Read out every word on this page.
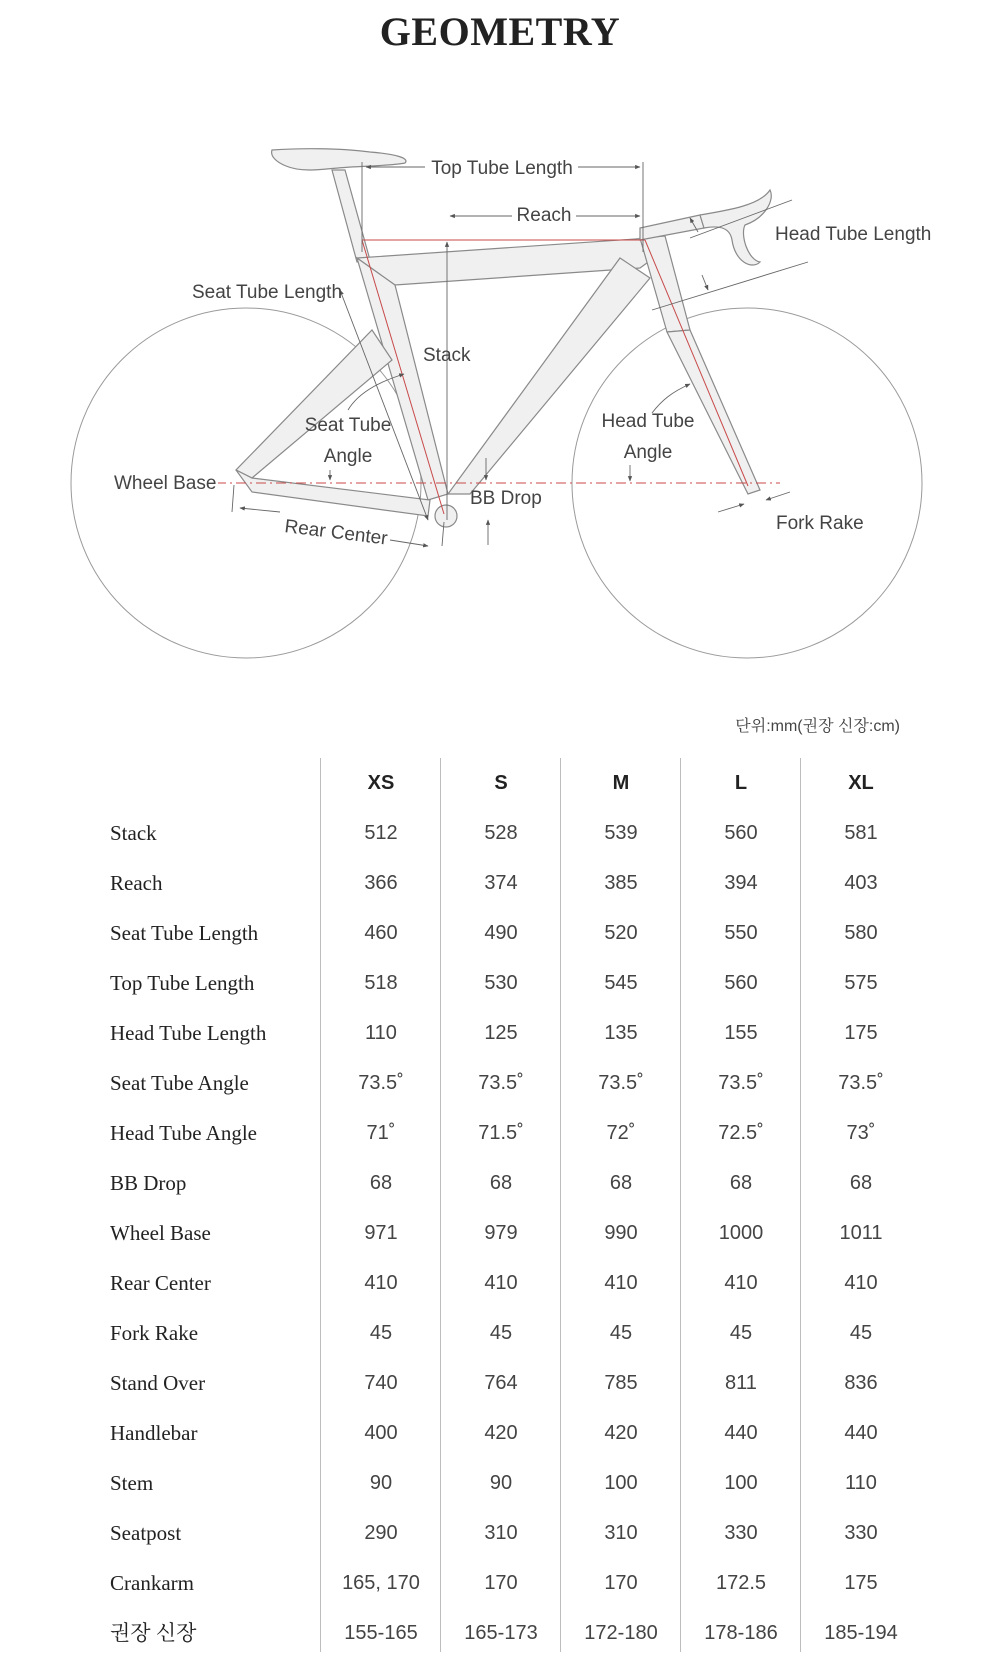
GEOMETRY
Top Tube Length
Reach
Head Tube Length
Seat Tube Length
Stack
Seat Tube
Angle
Head Tube
Angle
Wheel Base
BB Drop
Rear Center	Fork Rake
단위:mm(권장 신장:cm)
XS	S	M	L	XL
Stack	512	528	539	560	581
Reach	366	374	385	394	403
Seat Tube Length	460	490	520	550	580
Top Tube Length	518	530	545	560	575
Head Tube Length	110	125	135	155	175
Seat Tube Angle	73.5˚	73.5˚	73.5˚	73.5˚	73.5˚
Head Tube Angle	71˚	71.5˚	72˚	72.5˚	73˚
BB Drop	68	68	68	68	68
Wheel Base	971	979	990	1000	1011
Rear Center	410	410	410	410	410
Fork Rake	45	45	45	45	45
Stand Over	740	764	785	811	836
Handlebar	400	420	420	440	440
Stem	90	90	100	100	110
Seatpost	290	310	310	330	330
Crankarm	165, 170	170	170	172.5	175
권장 신장	155-165	165-173	172-180	178-186	185-194
